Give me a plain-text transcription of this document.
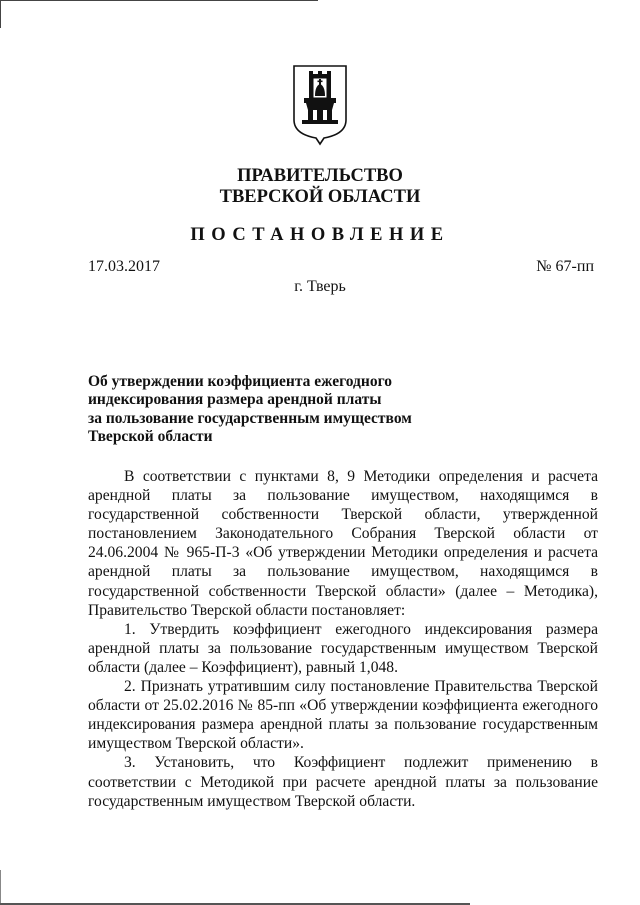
ПРАВИТЕЛЬСТВО
ТВЕРСКОЙ ОБЛАСТИ
ПОСТАНОВЛЕНИЕ
17.03.2017	№ 67-пп
г. Тверь
Об утверждении коэффициента ежегодного
индексирования размера арендной платы
за пользование государственным имуществом
Тверской области

В соответствии с пунктами 8, 9 Методики определения и расчета арендной платы за пользование имуществом, находящимся в государственной собственности Тверской области, утвержденной постановлением Законодательного Собрания Тверской области от 24.06.2004 № 965-П-3 «Об утверждении Методики определения и расчета арендной платы за пользование имуществом, находящимся в государственной собственности Тверской области» (далее – Методика), Правительство Тверской области постановляет:

1. Утвердить коэффициент ежегодного индексирования размера арендной платы за пользование государственным имуществом Тверской области (далее – Коэффициент), равный 1,048.

2. Признать утратившим силу постановление Правительства Тверской области от 25.02.2016 № 85-пп «Об утверждении коэффициента ежегодного индексирования размера арендной платы за пользование государственным имуществом Тверской области».

3. Установить, что Коэффициент подлежит применению в соответствии с Методикой при расчете арендной платы за пользование государственным имуществом Тверской области.
